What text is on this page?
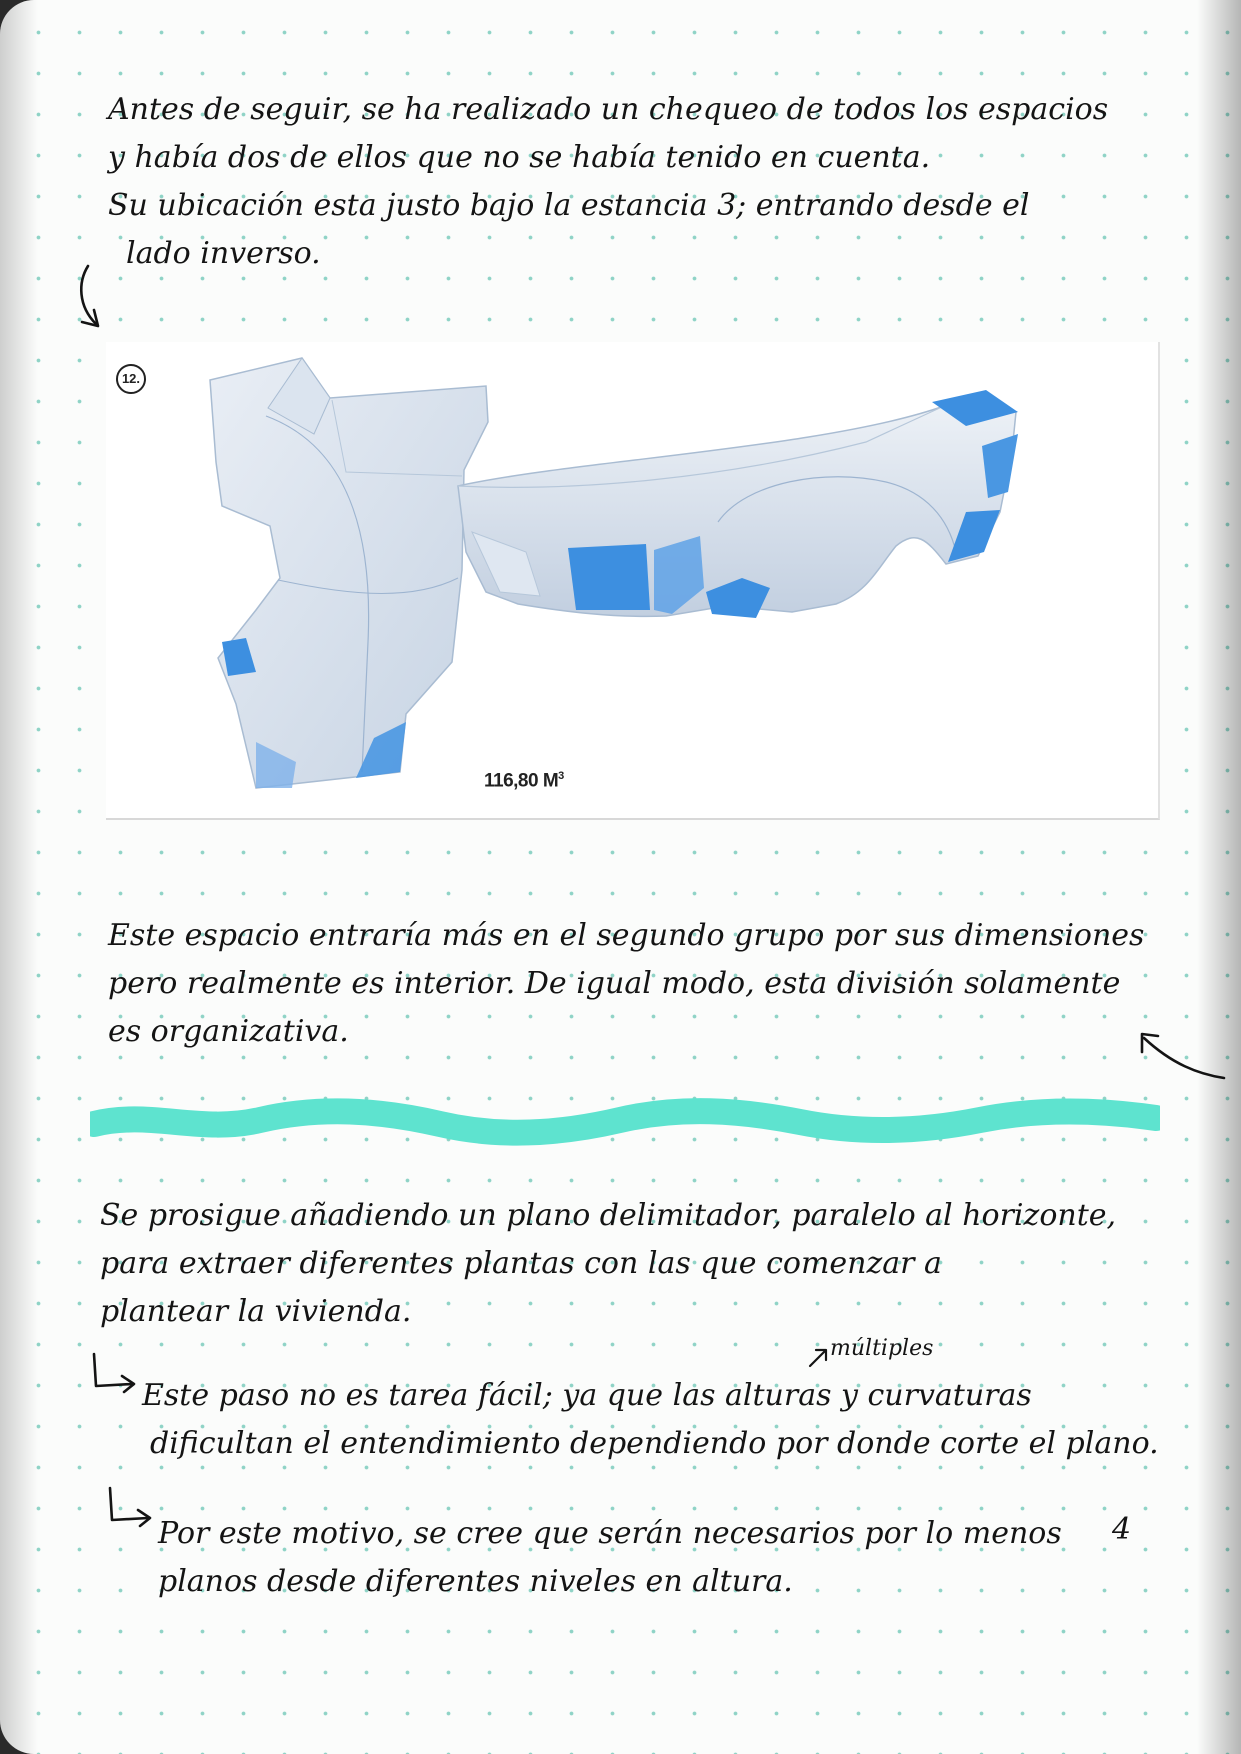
Antes de seguir, se ha realizado un chequeo de todos los espacios
y había dos de ellos que no se había tenido en cuenta.
Su ubicación esta justo bajo la estancia 3; entrando desde el
lado inverso.
12.
116,80 $M^3$
Este espacio entraría más en el segundo grupo por sus dimensiones
pero realmente es interior. De igual modo, esta división solamente
es organizativa.
Se prosigue añadiendo un plano delimitador, paralelo al horizonte,
para extraer diferentes plantas con las que comenzar a
plantear la vivienda.
múltiples
Este paso no es tarea fácil; ya que las alturas y curvaturas
dificultan el entendimiento dependiendo por donde corte el plano.
Por este motivo, se cree que serán necesarios por lo menos
planos desde diferentes niveles en altura.
4
